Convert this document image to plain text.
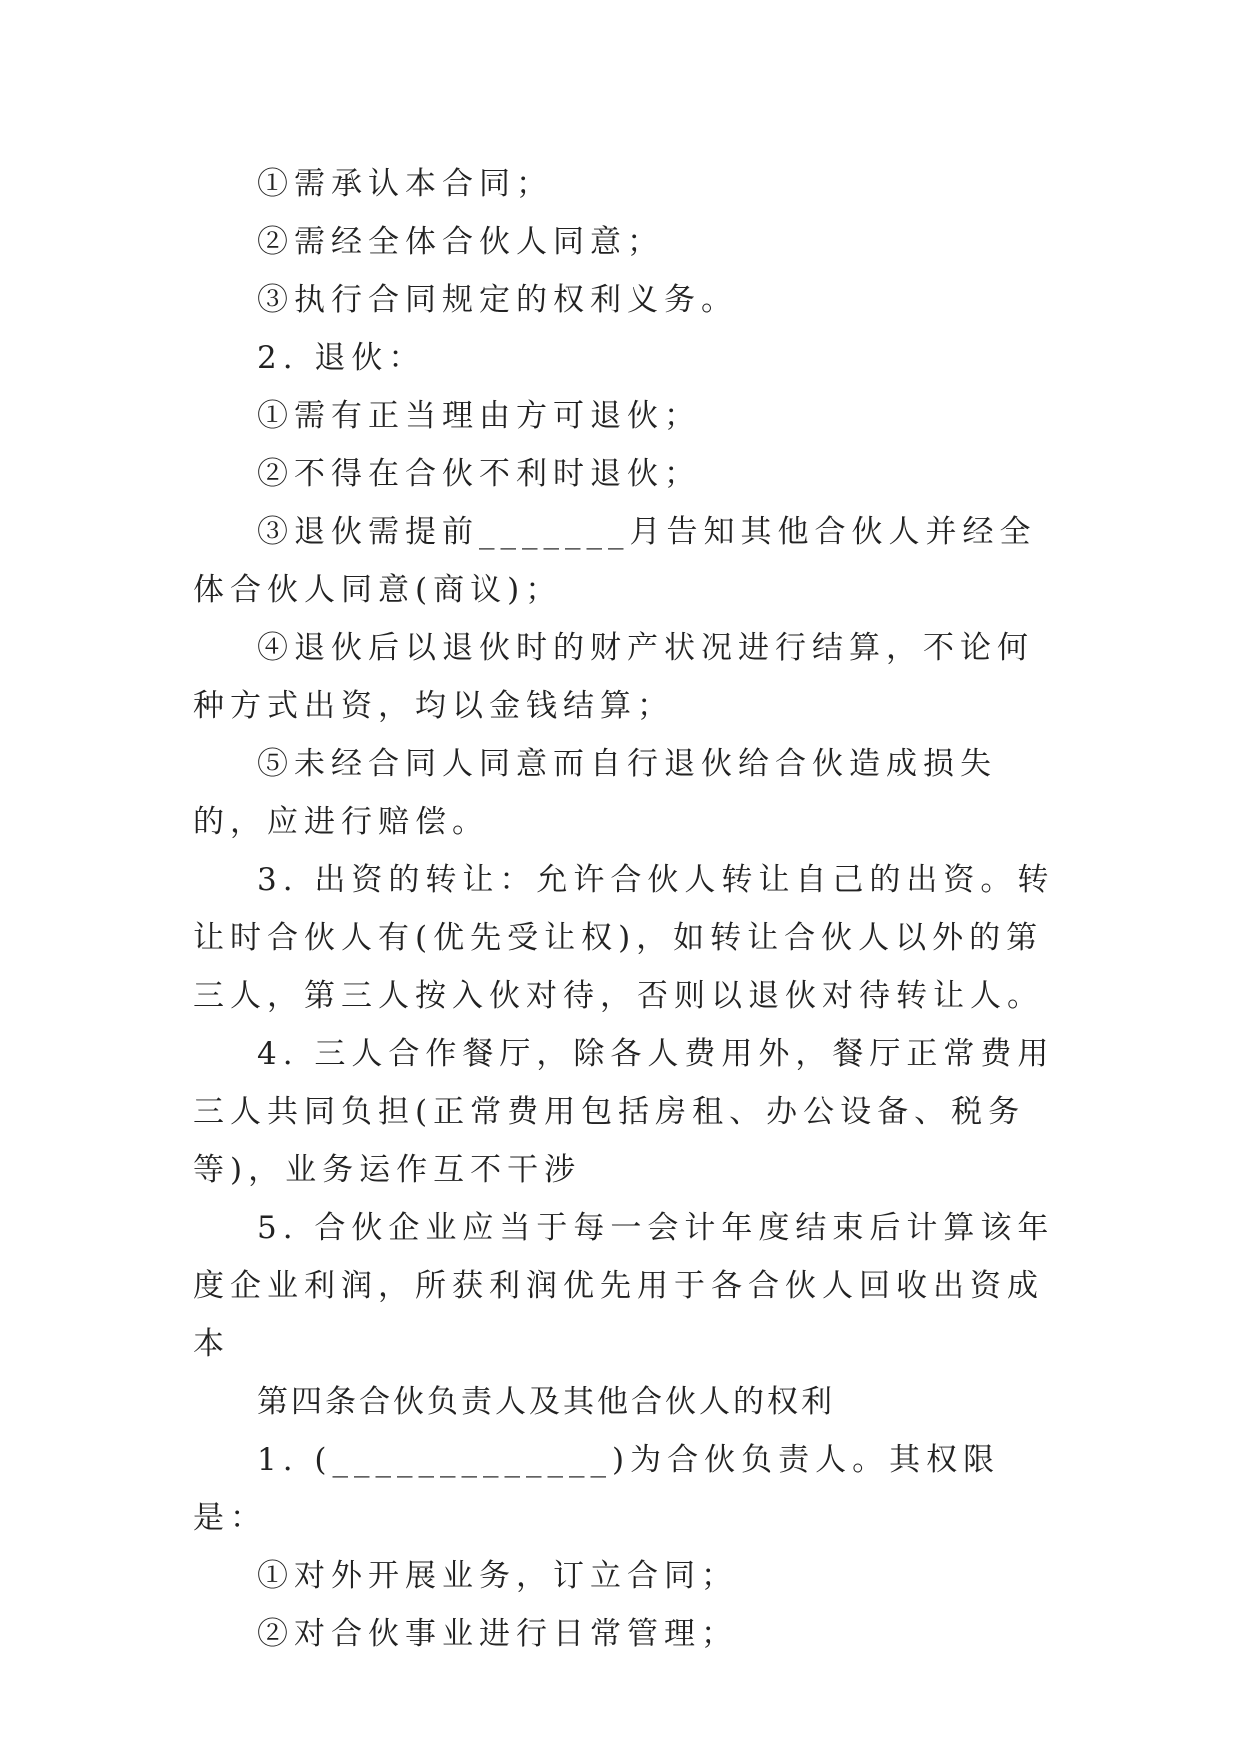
①需承认本合同；

②需经全体合伙人同意；

③执行合同规定的权利义务。

2. 退伙：

①需有正当理由方可退伙；

②不得在合伙不利时退伙；

③退伙需提前_______月告知其他合伙人并经全体合伙人同意(商议)；

④退伙后以退伙时的财产状况进行结算，不论何种方式出资，均以金钱结算；

⑤未经合同人同意而自行退伙给合伙造成损失的，应进行赔偿。

3. 出资的转让：允许合伙人转让自己的出资。转让时合伙人有(优先受让权)，如转让合伙人以外的第三人，第三人按入伙对待，否则以退伙对待转让人。

4. 三人合作餐厅，除各人费用外，餐厅正常费用三人共同负担(正常费用包括房租、办公设备、税务等)，业务运作互不干涉

5. 合伙企业应当于每一会计年度结束后计算该年度企业利润，所获利润优先用于各合伙人回收出资成本

第四条合伙负责人及其他合伙人的权利

1. (_____________)为合伙负责人。其权限是：

①对外开展业务，订立合同；

②对合伙事业进行日常管理；
